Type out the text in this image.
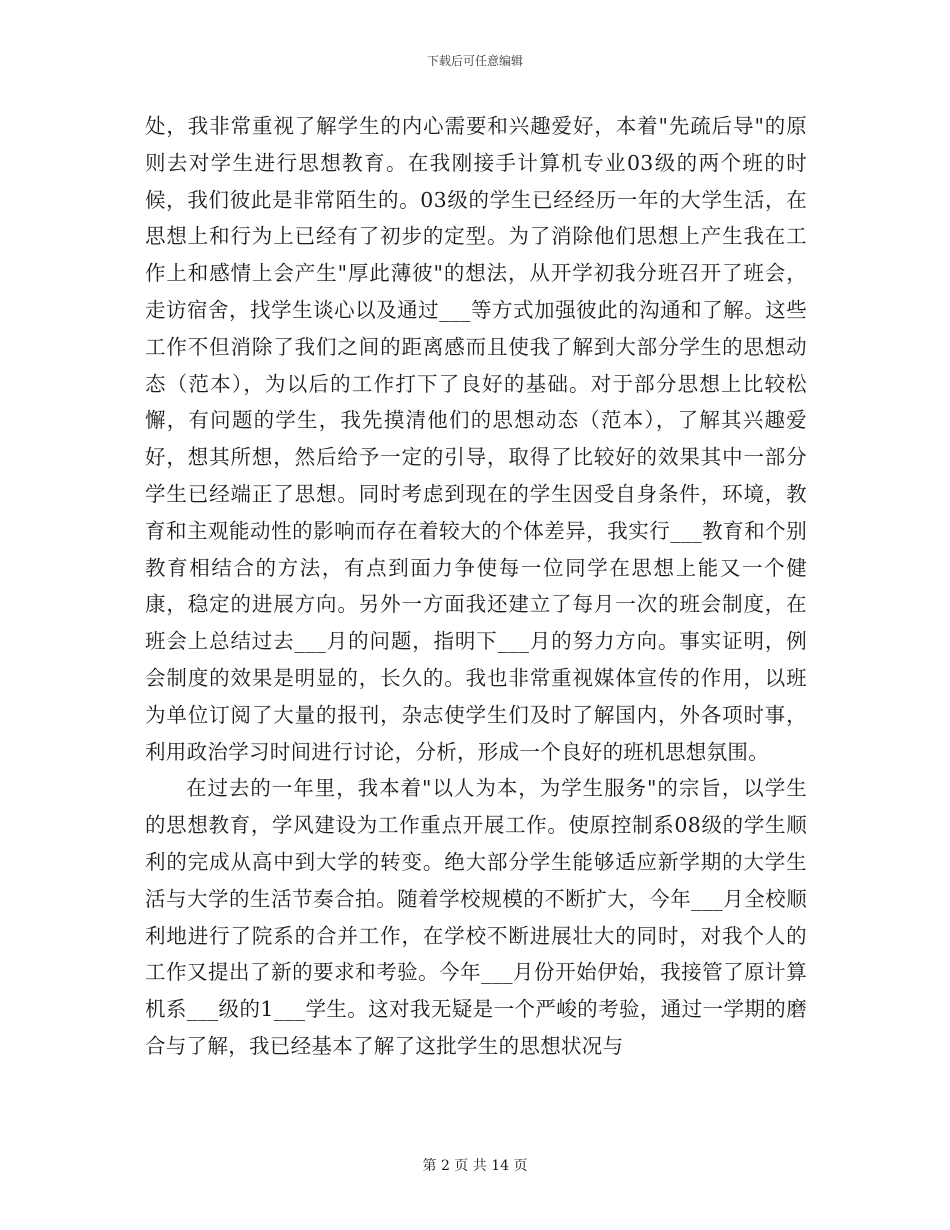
下载后可任意编辑

处，我非常重视了解学生的内心需要和兴趣爱好，本着"先疏后导"的原则去对学生进行思想教育。在我刚接手计算机专业03级的两个班的时候，我们彼此是非常陌生的。03级的学生已经经历一年的大学生活，在思想上和行为上已经有了初步的定型。为了消除他们思想上产生我在工作上和感情上会产生"厚此薄彼"的想法，从开学初我分班召开了班会，走访宿舍，找学生谈心以及通过___等方式加强彼此的沟通和了解。这些工作不但消除了我们之间的距离感而且使我了解到大部分学生的思想动态（范本），为以后的工作打下了良好的基础。对于部分思想上比较松懈，有问题的学生，我先摸清他们的思想动态（范本），了解其兴趣爱好，想其所想，然后给予一定的引导，取得了比较好的效果其中一部分学生已经端正了思想。同时考虑到现在的学生因受自身条件，环境，教育和主观能动性的影响而存在着较大的个体差异，我实行___教育和个别教育相结合的方法，有点到面力争使每一位同学在思想上能又一个健康，稳定的进展方向。另外一方面我还建立了每月一次的班会制度，在班会上总结过去___月的问题，指明下___月的努力方向。事实证明，例会制度的效果是明显的，长久的。我也非常重视媒体宣传的作用，以班为单位订阅了大量的报刊，杂志使学生们及时了解国内，外各项时事，利用政治学习时间进行讨论，分析，形成一个良好的班机思想氛围。

在过去的一年里，我本着"以人为本，为学生服务"的宗旨，以学生的思想教育，学风建设为工作重点开展工作。使原控制系08级的学生顺利的完成从高中到大学的转变。绝大部分学生能够适应新学期的大学生活与大学的生活节奏合拍。随着学校规模的不断扩大，今年___月全校顺利地进行了院系的合并工作，在学校不断进展壮大的同时，对我个人的工作又提出了新的要求和考验。今年___月份开始伊始，我接管了原计算机系___级的1___学生。这对我无疑是一个严峻的考验，通过一学期的磨合与了解，我已经基本了解了这批学生的思想状况与

第 2 页 共 14 页
